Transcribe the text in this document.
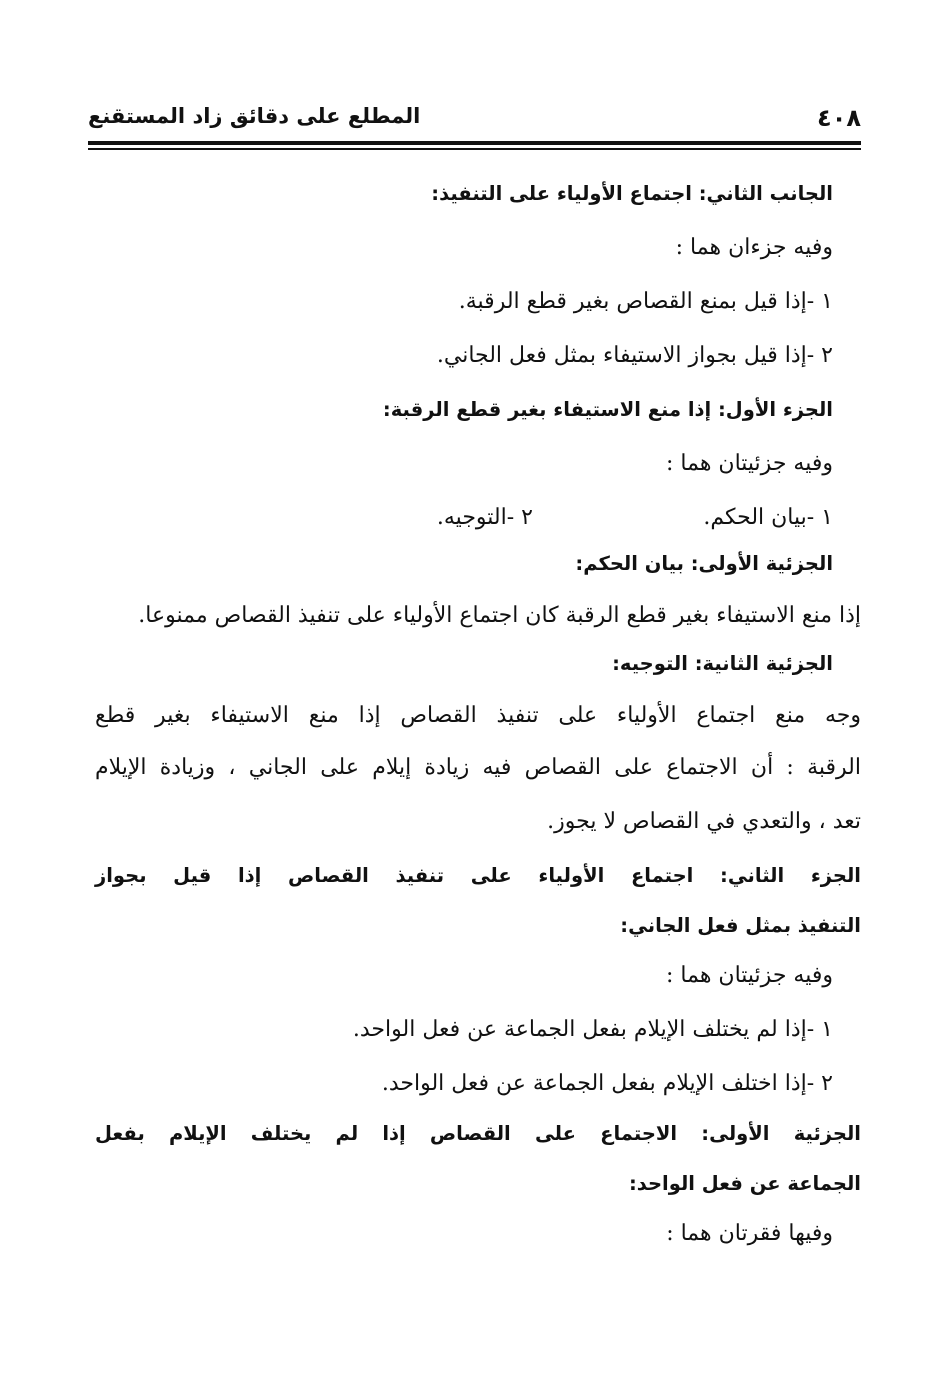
٤٠٨
المطلع على دقائق زاد المستقنع
الجانب الثاني: اجتماع الأولياء على التنفيذ:
وفيه جزءان هما :
١ -إذا قيل بمنع القصاص بغير قطع الرقبة.
٢ -إذا قيل بجواز الاستيفاء بمثل فعل الجاني.
الجزء الأول: إذا منع الاستيفاء بغير قطع الرقبة:
وفيه جزئيتان هما :
١ -بيان الحكم.
٢ -التوجيه.
الجزئية الأولى: بيان الحكم:
إذا منع الاستيفاء بغير قطع الرقبة كان اجتماع الأولياء على تنفيذ القصاص ممنوعا.
الجزئية الثانية: التوجيه:
وجه منع اجتماع الأولياء على تنفيذ القصاص إذا منع الاستيفاء بغير قطع
الرقبة : أن الاجتماع على القصاص فيه زيادة إيلام على الجاني ، وزيادة الإيلام
تعد ، والتعدي في القصاص لا يجوز.
الجزء الثاني: اجتماع الأولياء على تنفيذ القصاص إذا قيل بجواز
التنفيذ بمثل فعل الجاني:
وفيه جزئيتان هما :
١ -إذا لم يختلف الإيلام بفعل الجماعة عن فعل الواحد.
٢ -إذا اختلف الإيلام بفعل الجماعة عن فعل الواحد.
الجزئية الأولى: الاجتماع على القصاص إذا لم يختلف الإيلام بفعل
الجماعة عن فعل الواحد:
وفيها فقرتان هما :
